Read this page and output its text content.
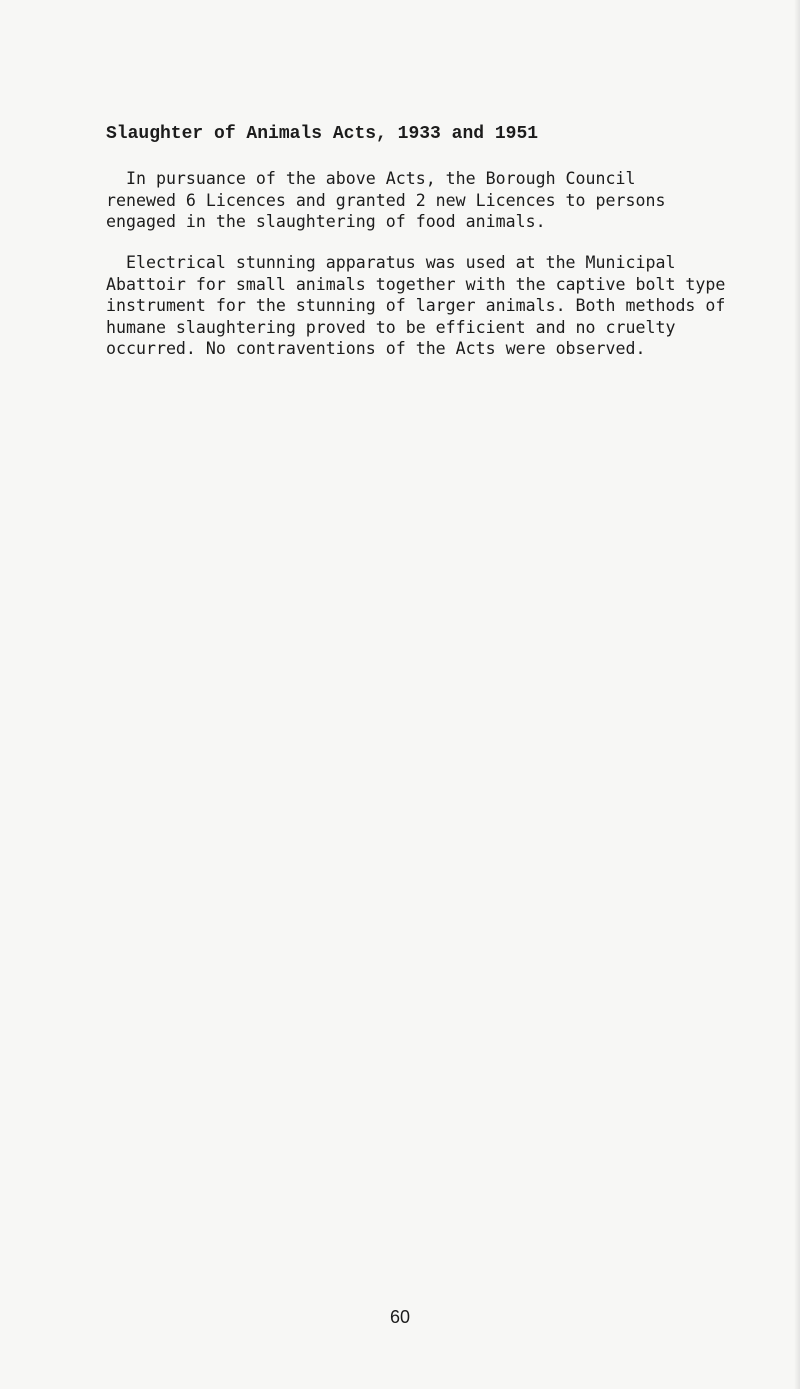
Slaughter of Animals Acts, 1933 and 1951

In pursuance of the above Acts, the Borough Council
renewed 6 Licences and granted 2 new Licences to persons
engaged in the slaughtering of food animals.

Electrical stunning apparatus was used at the Municipal
Abattoir for small animals together with the captive bolt type
instrument for the stunning of larger animals. Both methods of
humane slaughtering proved to be efficient and no cruelty
occurred. No contraventions of the Acts were observed.

60
